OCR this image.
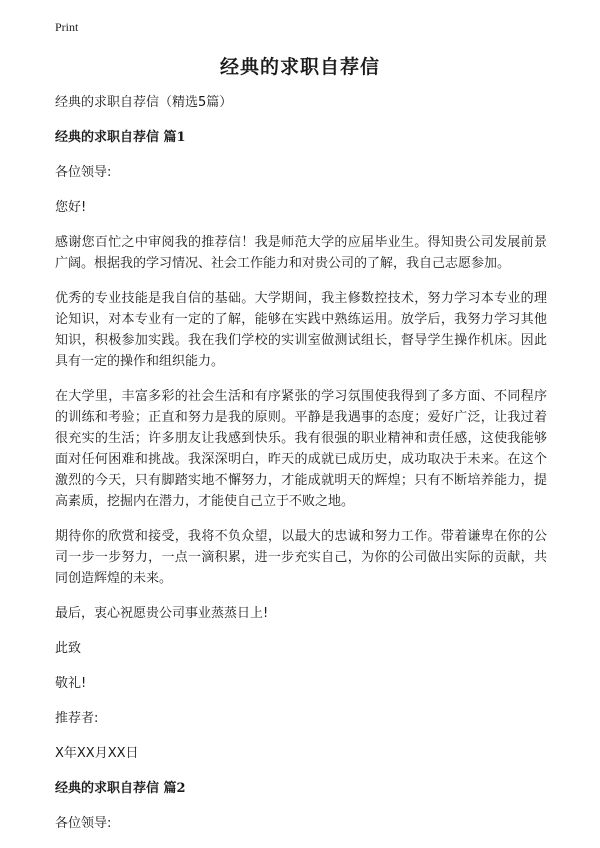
Print
经典的求职自荐信

经典的求职自荐信（精选5篇）

经典的求职自荐信 篇1

各位领导:

您好!

感谢您百忙之中审阅我的推荐信！我是师范大学的应届毕业生。得知贵公司发展前景广阔。根据我的学习情况、社会工作能力和对贵公司的了解，我自己志愿参加。

优秀的专业技能是我自信的基础。大学期间，我主修数控技术，努力学习本专业的理论知识，对本专业有一定的了解，能够在实践中熟练运用。放学后，我努力学习其他知识，积极参加实践。我在我们学校的实训室做测试组长，督导学生操作机床。因此具有一定的操作和组织能力。

在大学里，丰富多彩的社会生活和有序紧张的学习氛围使我得到了多方面、不同程序的训练和考验；正直和努力是我的原则。平静是我遇事的态度；爱好广泛，让我过着很充实的生活；许多朋友让我感到快乐。我有很强的职业精神和责任感，这使我能够面对任何困难和挑战。我深深明白，昨天的成就已成历史，成功取决于未来。在这个激烈的今天，只有脚踏实地不懈努力，才能成就明天的辉煌；只有不断培养能力，提高素质，挖掘内在潜力，才能使自己立于不败之地。

期待你的欣赏和接受，我将不负众望，以最大的忠诚和努力工作。带着谦卑在你的公司一步一步努力，一点一滴积累，进一步充实自己，为你的公司做出实际的贡献，共同创造辉煌的未来。

最后，衷心祝愿贵公司事业蒸蒸日上!

此致

敬礼!

推荐者:

X年XX月XX日

经典的求职自荐信 篇2

各位领导:
